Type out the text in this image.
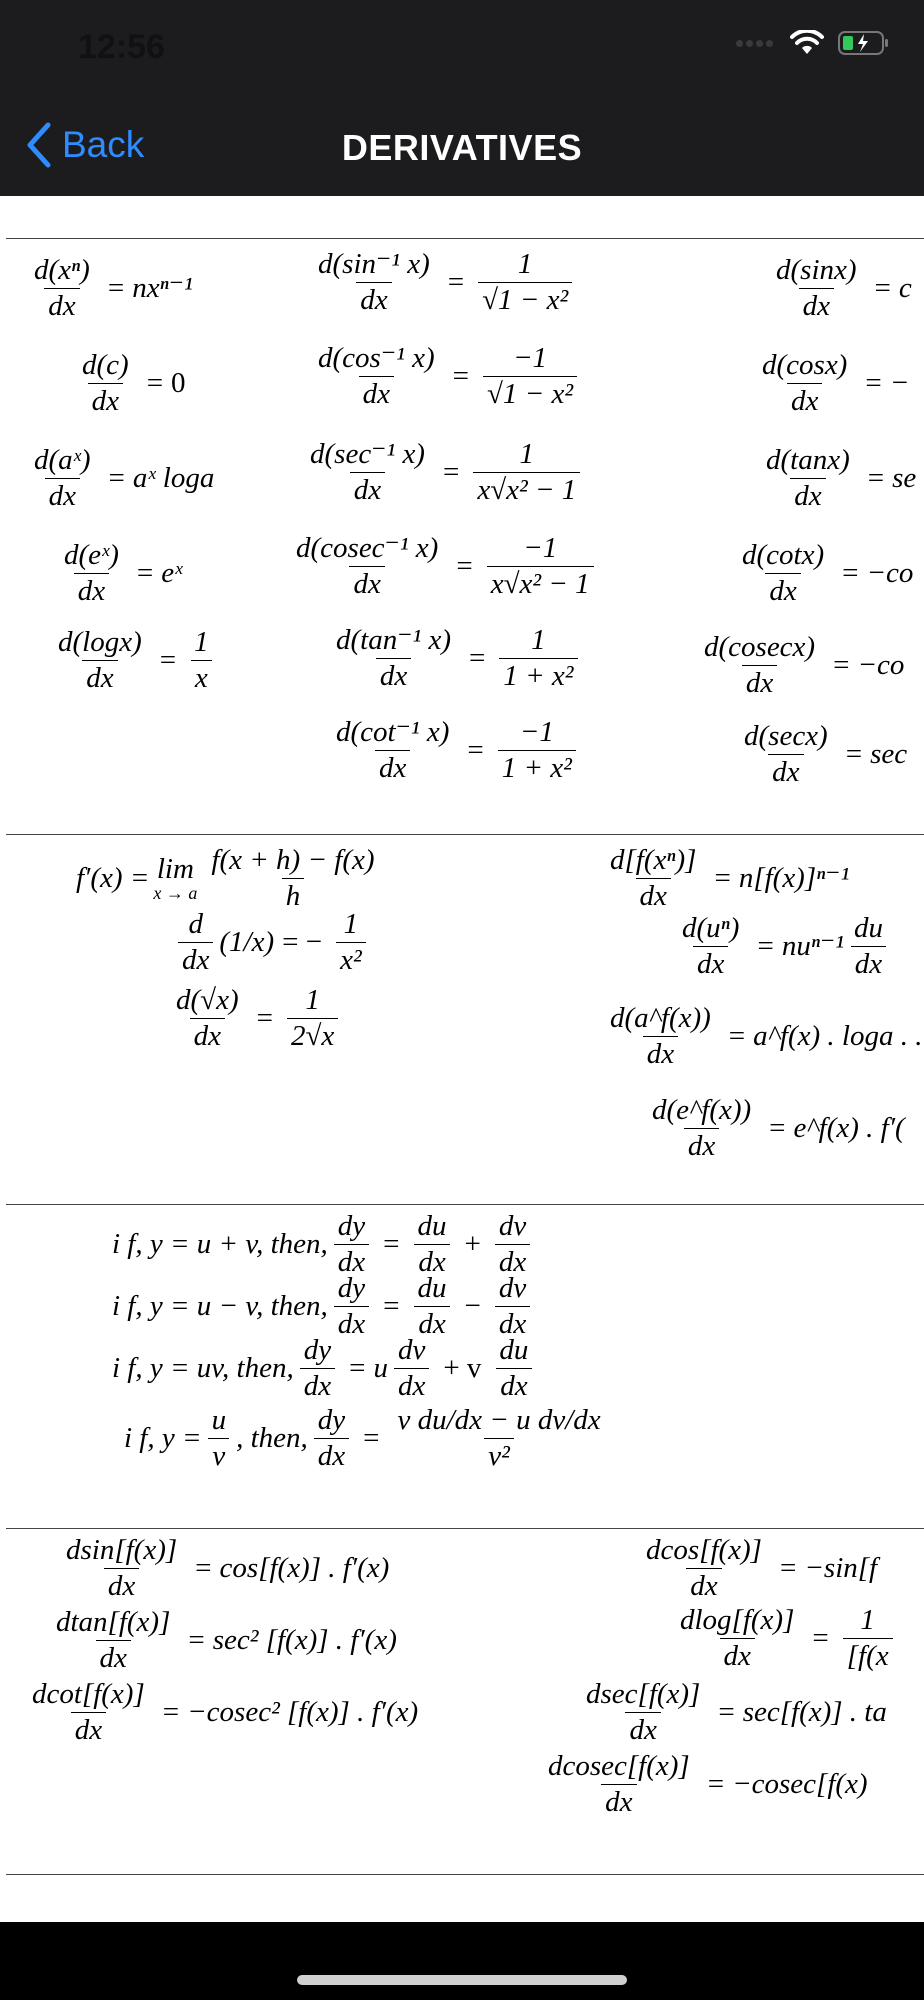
12:56
Back	DERIVATIVES
$\frac{\text{d(xⁿ)}}{dx} = nx^{n-1}$
$\frac{d(c)}{dx} = 0$
$\frac{\text{d(aˣ)}}{dx}$ = aˣ loga
$\frac{\text{d(eˣ)}}{dx}$ = eˣ
$\frac{d(\log x)}{dx} = \frac{1}{x}$
$\frac{\text{d(sin⁻¹ x)}}{dx} = \frac{1}{\text{√1 − x²}}$
$\frac{\text{d(cos⁻¹ x)}}{dx} = \frac{-1}{\text{√1 − x²}}$
$\frac{\text{d(sec⁻¹ x)}}{dx} = \frac{1}{\text{x√x² − 1}}$
$\frac{\text{d(cosec⁻¹ x)}}{dx} = \frac{-1}{\text{x√x² − 1}}$
$\frac{\text{d(tan⁻¹ x)}}{dx} = \frac{1}{\text{1 + x²}}$
$\frac{\text{d(cot⁻¹ x)}}{dx} = \frac{-1}{\text{1 + x²}}$
$\frac{d(\sin x)}{dx} = c$
$\frac{d(\cos x)}{dx}$ = −
$\frac{d(\tan x)}{dx}$ = se
$\frac{d(\cot x)}{dx} = -co$
$\frac{d(cosecx)}{dx} = -co$
$\frac{d(\sec x)}{dx} = \sec$
f′(x) = lim
x → a $\frac{f(x + h) - f(x)}{h}$
$\frac{d}{dx} (1/x)$ = − $\frac{1}{\text{x²}}$
$\frac{d(√x)}{dx} = \frac{1}{2√x}$
$\frac{\text{d[f(xⁿ)]}}{dx} = n[f(x)]^{n-1}$
$\frac{\text{d(uⁿ)}}{dx} = nu^{n-1} \frac{du}{dx}$
$\frac{d(a\^{}f(x))}{dx}$ = a^f(x) . loga . .
$\frac{d(e\^{}f(x))}{dx}$ = e^f(x) . f′(
i f, y = u + v, then, $\frac{dy}{dx} = \frac{du}{dx} + \frac{dv}{dx}$
i f, y = u − v, then, $\frac{dy}{dx} = \frac{du}{dx} - \frac{dv}{dx}$
i f, y = uv, then, $\frac{dy}{dx} = u \frac{dv}{dx} + v \frac{du}{dx}$
i f, $y = \frac{u}{v}$ , then, $\frac{dy}{dx} = \frac{\text{v du/dx − u dv/dx}}{\text{v²}}$
$\frac{dsin[f(x)]}{dx} = \cos[f(x)]$ . f′(x)
$\frac{dtan[f(x)]}{dx} = \sec^2$ [f(x)] . f′(x)
$\frac{dcot[f(x)]}{dx} = -cosec^2$ [f(x)] . f′(x)
$\frac{dcos[f(x)]}{dx} = -\sin[f$
$\frac{dlog[f(x)]}{dx} = \frac{1}{[f(x}$
$\frac{dsec[f(x)]}{dx} = \sec[f(x)]$ . ta
$\frac{\text{dcosec[f(x)]}}{dx} = -cosec[f(x)$
